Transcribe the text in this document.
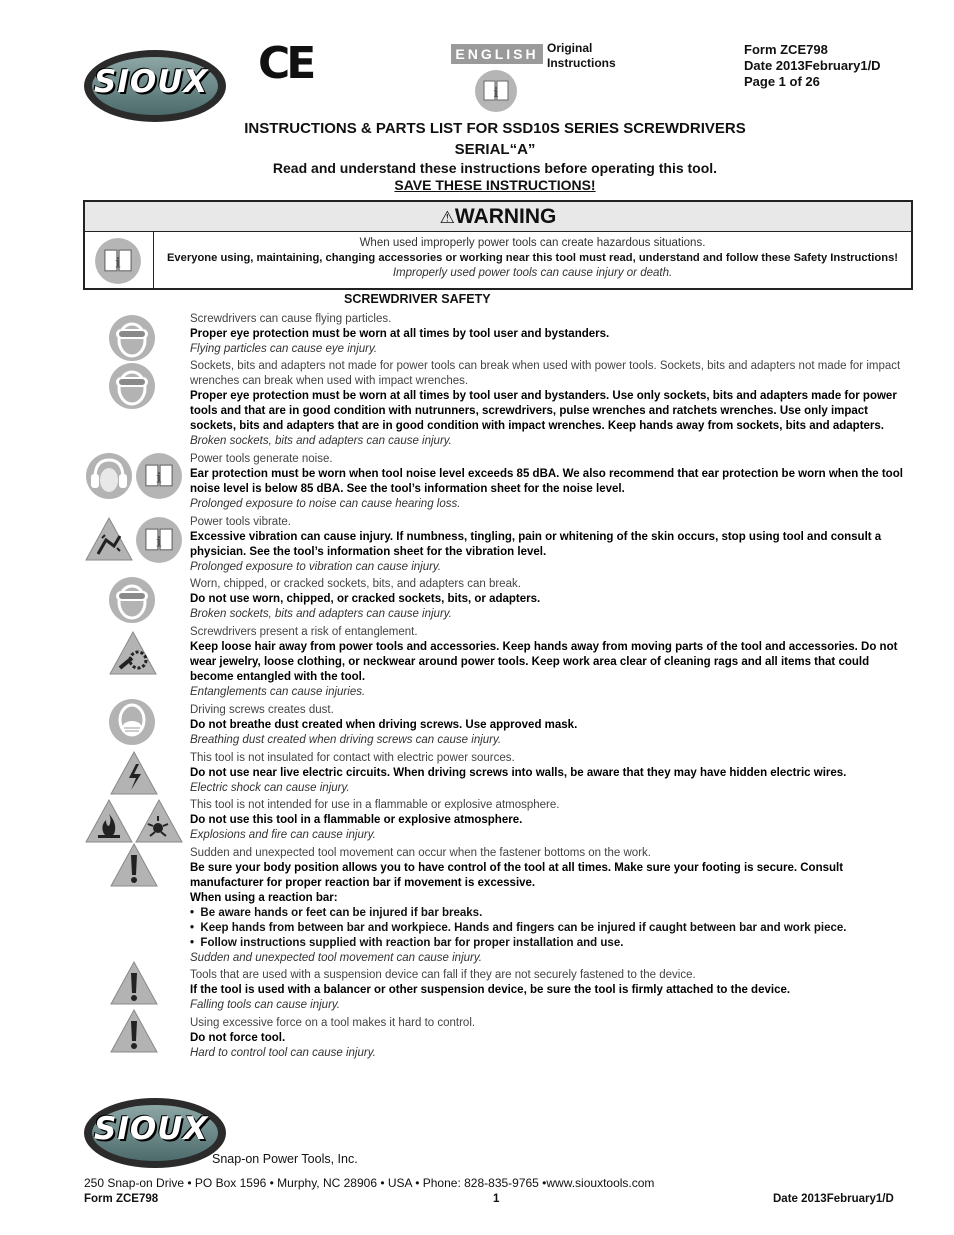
SIOUX CE	ENGLISH Original
Instructions
i
Form ZCE798
Date 2013February1/D
Page 1 of 26
INSTRUCTIONS & PARTS LIST FOR SSD10S SERIES SCREWDRIVERS
SERIAL“A”
Read and understand these instructions before operating this tool.
SAVE THESE INSTRUCTIONS!
⚠WARNING
i
When used improperly power tools can create hazardous situations.
Everyone using, maintaining, changing accessories or working near this tool must read, understand and follow these Safety Instructions!
Improperly used power tools can cause injury or death.
SCREWDRIVER SAFETY
Screwdrivers can cause flying particles.
Proper eye protection must be worn at all times by tool user and bystanders.
Flying particles can cause eye injury.
Sockets, bits and adapters not made for power tools can break when used with power tools. Sockets, bits and adapters not made for impact wrenches can break when used with impact wrenches.
Proper eye protection must be worn at all times by tool user and bystanders. Use only sockets, bits and adapters made for power tools and that are in good condition with nutrunners, screwdrivers, pulse wrenches and ratchets wrenches. Use only impact sockets, bits and adapters that are in good condition with impact wrenches. Keep hands away from sockets, bits and adapters.
Broken sockets, bits and adapters can cause injury.
Power tools generate noise.
Ear protection must be worn when tool noise level exceeds 85 dBA. We also recommend that ear protection be worn when the tool noise level is below 85 dBA. See the tool’s information sheet for the noise level.
Prolonged exposure to noise can cause hearing loss.
Power tools vibrate.
Excessive vibration can cause injury. If numbness, tingling, pain or whitening of the skin occurs, stop using tool and consult a physician. See the tool’s information sheet for the vibration level.
Prolonged exposure to vibration can cause injury.
Worn, chipped, or cracked sockets, bits, and adapters can break.
Do not use worn, chipped, or cracked sockets, bits, or adapters.
Broken sockets, bits and adapters can cause injury.
Screwdrivers present a risk of entanglement.
Keep loose hair away from power tools and accessories. Keep hands away from moving parts of the tool and accessories. Do not wear jewelry, loose clothing, or neckwear around power tools. Keep work area clear of cleaning rags and all items that could become entangled with the tool.
Entanglements can cause injuries.
Driving screws creates dust.
Do not breathe dust created when driving screws. Use approved mask.
Breathing dust created when driving screws can cause injury.
This tool is not insulated for contact with electric power sources.
Do not use near live electric circuits. When driving screws into walls, be aware that they may have hidden electric wires.
Electric shock can cause injury.
This tool is not intended for use in a flammable or explosive atmosphere.
Do not use this tool in a flammable or explosive atmosphere.
Explosions and fire can cause injury.
Sudden and unexpected tool movement can occur when the fastener bottoms on the work.
Be sure your body position allows you to have control of the tool at all times. Make sure your footing is secure. Consult manufacturer for proper reaction bar if movement is excessive.
When using a reaction bar:
•  Be aware hands or feet can be injured if bar breaks.
•  Keep hands from between bar and workpiece. Hands and fingers can be injured if caught between bar and work piece.
•  Follow instructions supplied with reaction bar for proper installation and use.
Sudden and unexpected tool movement can cause injury.
Tools that are used with a suspension device can fall if they are not securely fastened to the device.
If the tool is used with a balancer or other suspension device, be sure the tool is firmly attached to the device.
Falling tools can cause injury.
Using excessive force on a tool makes it hard to control.
Do not force tool.
Hard to control tool can cause injury.
i
i
SIOUX
Snap-on Power Tools, Inc.
250 Snap-on Drive • PO Box 1596 • Murphy, NC 28906 • USA • Phone: 828-835-9765 •www.siouxtools.com
Form ZCE798	1	Date 2013February1/D
